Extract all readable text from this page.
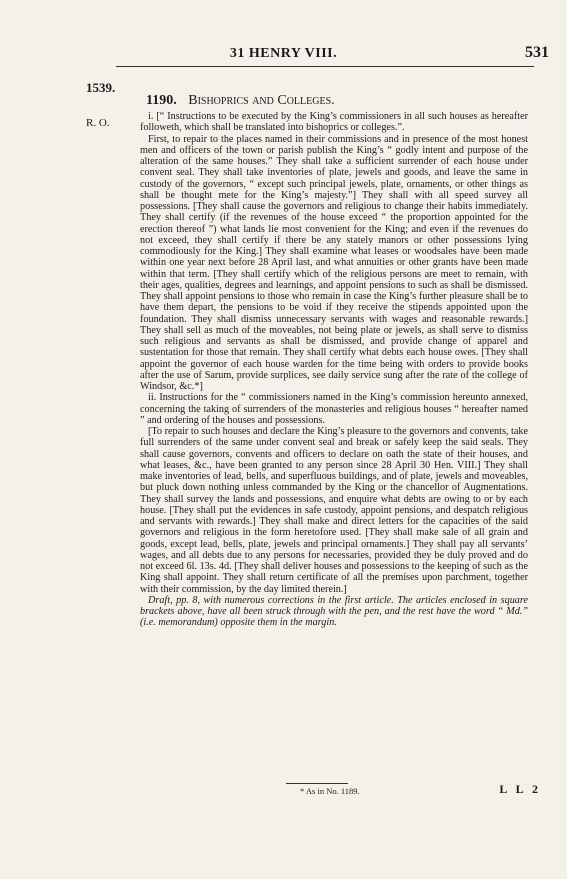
31 HENRY VIII.	531
1539.
R. O.
1190. Bishoprics and Colleges.

i. [“ Instructions to be executed by the King’s commissioners in all such houses as hereafter followeth, which shall be translated into bishoprics or colleges.”.

First, to repair to the places named in their commissions and in presence of the most honest men and officers of the town or parish publish the King’s “ godly intent and purpose of the alteration of the same houses.” They shall take a sufficient surrender of each house under convent seal. They shall take inventories of plate, jewels and goods, and leave the same in custody of the governors, “ except such principal jewels, plate, ornaments, or other things as shall be thought mete for the King’s majesty.”] They shall with all speed survey all possessions. [They shall cause the governors and religious to change their habits immediately. They shall certify (if the revenues of the house exceed “ the proportion appointed for the erection thereof ”) what lands lie most convenient for the King; and even if the revenues do not exceed, they shall certify if there be any stately manors or other possessions lying commodiously for the King.] They shall examine what leases or woodsales have been made within one year next before 28 April last, and what annuities or other grants have been made within that term. [They shall certify which of the religious persons are meet to remain, with their ages, qualities, degrees and learnings, and appoint pensions to such as shall be dismissed. They shall appoint pensions to those who remain in case the King’s further pleasure shall be to have them depart, the pensions to be void if they receive the stipends appointed upon the foundation. They shall dismiss unnecessary servants with wages and reasonable rewards.] They shall sell as much of the moveables, not being plate or jewels, as shall serve to dismiss such religious and servants as shall be dismissed, and provide change of apparel and sustentation for those that remain. They shall certify what debts each house owes. [They shall appoint the governor of each house warden for the time being with orders to provide books after the use of Sarum, provide surplices, see daily service sung after the rate of the college of Windsor, &c.*]

ii. Instructions for the “ commissioners named in the King’s commission hereunto annexed, concerning the taking of surrenders of the monasteries and religious houses “ hereafter named ” and ordering of the houses and possessions.

[To repair to such houses and declare the King’s pleasure to the governors and convents, take full surrenders of the same under convent seal and break or safely keep the said seals. They shall cause governors, convents and officers to declare on oath the state of their houses, and what leases, &c., have been granted to any person since 28 April 30 Hen. VIII.] They shall make inventories of lead, bells, and superfluous buildings, and of plate, jewels and moveables, but pluck down nothing unless commanded by the King or the chancellor of Augmentations. They shall survey the lands and possessions, and enquire what debts are owing to or by each house. [They shall put the evidences in safe custody, appoint pensions, and despatch religious and servants with rewards.] They shall make and direct letters for the capacities of the said governors and religious in the form heretofore used. [They shall make sale of all grain and goods, except lead, bells, plate, jewels and principal ornaments.] They shall pay all servants’ wages, and all debts due to any persons for necessaries, provided they be duly proved and do not exceed 6l. 13s. 4d. [They shall deliver houses and possessions to the keeping of such as the King shall appoint. They shall return certificate of all the premises upon parchment, together with their commission, by the day limited therein.]

Draft, pp. 8, with numerous corrections in the first article. The articles enclosed in square brackets above, have all been struck through with the pen, and the rest have the word “ Md.” (i.e. memorandum) opposite them in the margin.

* As in No. 1189.	L L 2
